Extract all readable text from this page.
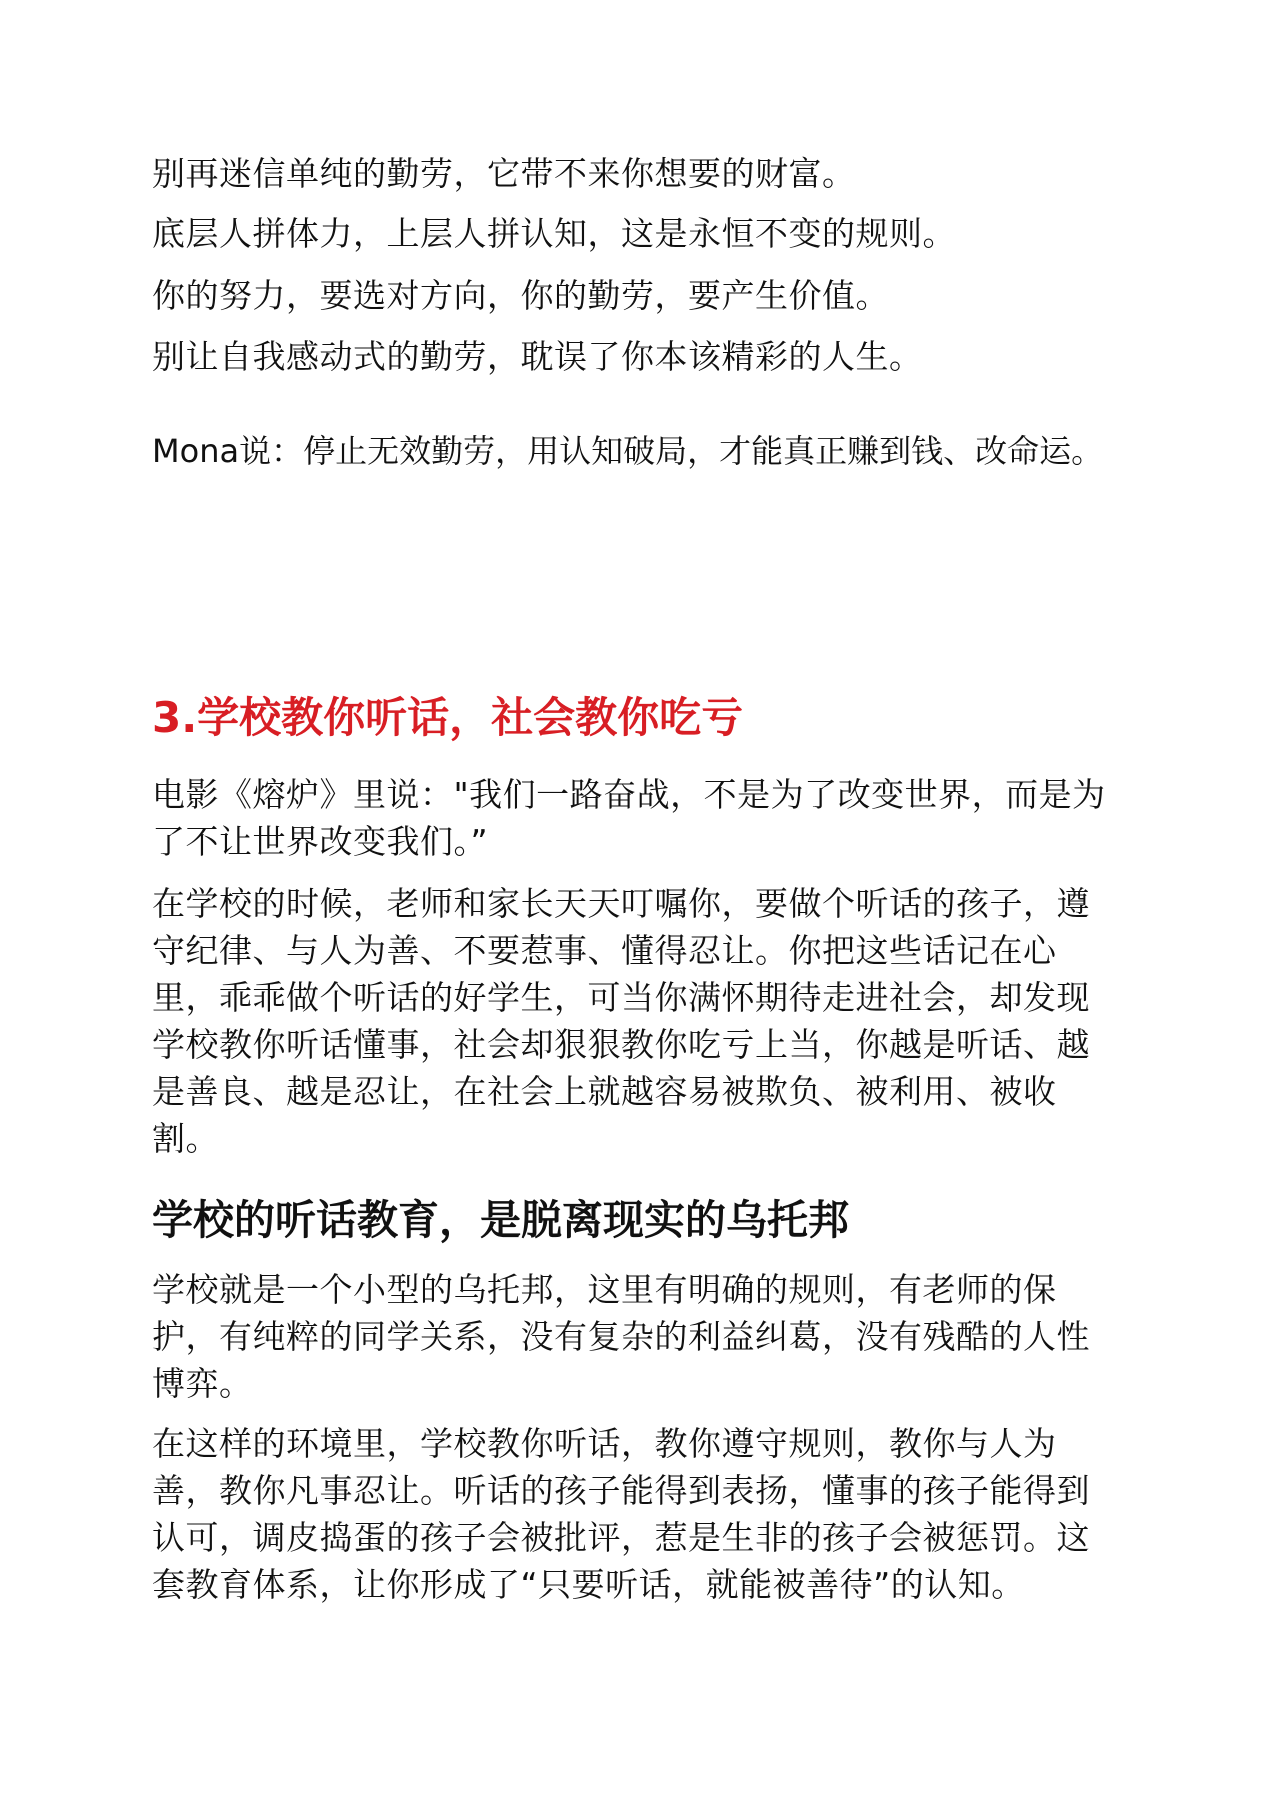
别再迷信单纯的勤劳，它带不来你想要的财富。

底层人拼体力，上层人拼认知，这是永恒不变的规则。

你的努力，要选对方向，你的勤劳，要产生价值。

别让自我感动式的勤劳，耽误了你本该精彩的人生。

Mona说：停止无效勤劳，用认知破局，才能真正赚到钱、改命运。

3.学校教你听话，社会教你吃亏

电影《熔炉》里说："我们一路奋战，不是为了改变世界，而是为了不让世界改变我们。”

在学校的时候，老师和家长天天叮嘱你，要做个听话的孩子，遵守纪律、与人为善、不要惹事、懂得忍让。你把这些话记在心里，乖乖做个听话的好学生，可当你满怀期待走进社会，却发现学校教你听话懂事，社会却狠狠教你吃亏上当，你越是听话、越是善良、越是忍让，在社会上就越容易被欺负、被利用、被收割。

学校的听话教育，是脱离现实的乌托邦

学校就是一个小型的乌托邦，这里有明确的规则，有老师的保护，有纯粹的同学关系，没有复杂的利益纠葛，没有残酷的人性博弈。

在这样的环境里，学校教你听话，教你遵守规则，教你与人为善，教你凡事忍让。听话的孩子能得到表扬，懂事的孩子能得到认可，调皮捣蛋的孩子会被批评，惹是生非的孩子会被惩罚。这套教育体系，让你形成了“只要听话，就能被善待”的认知。
